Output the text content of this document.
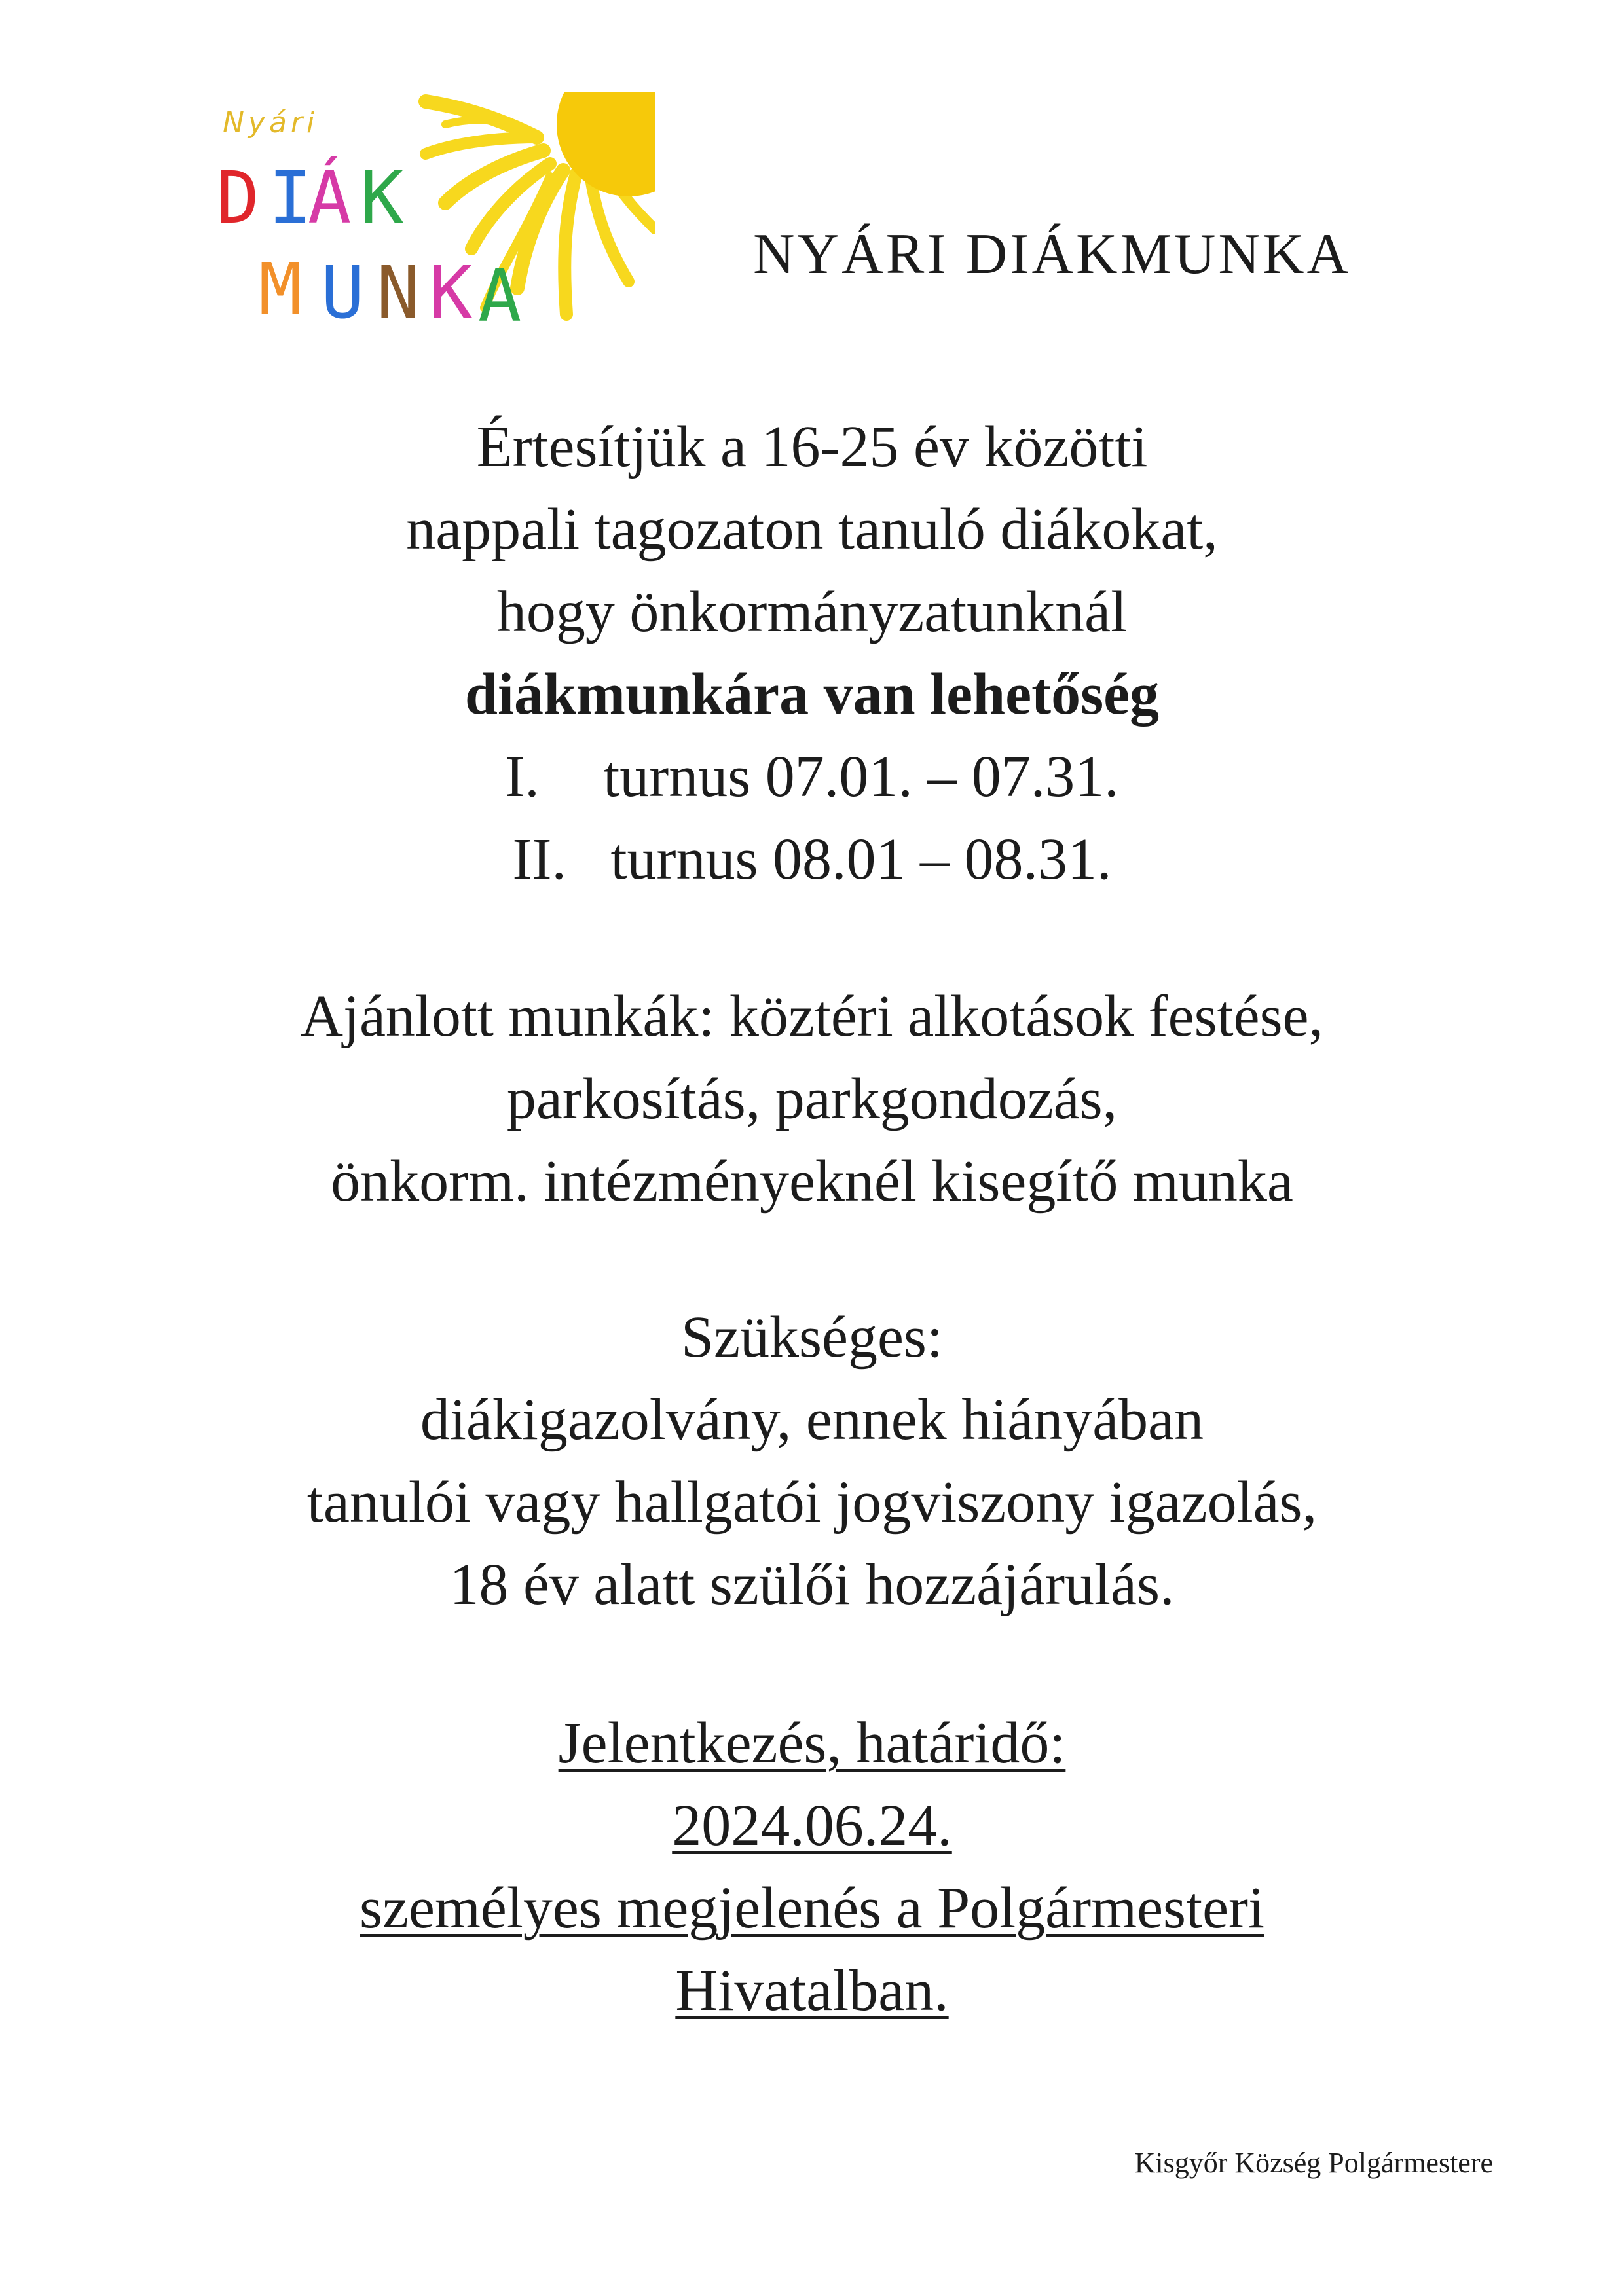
Nyári
D I
Á K
M U N K A	NYÁRI DIÁKMUNKA
Értesítjük a 16-25 év közötti
nappali tagozaton tanuló diákokat,
hogy önkormányzatunknál
diákmunkára van lehetőség
I. turnus 07.01. – 07.31.
II. turnus 08.01 – 08.31.
Ajánlott munkák: köztéri alkotások festése,
parkosítás, parkgondozás,
önkorm. intézményeknél kisegítő munka
Szükséges:
diákigazolvány, ennek hiányában
tanulói vagy hallgatói jogviszony igazolás,
18 év alatt szülői hozzájárulás.
Jelentkezés, határidő:
2024.06.24.
személyes megjelenés a Polgármesteri
Hivatalban.
Kisgyőr Község Polgármestere
